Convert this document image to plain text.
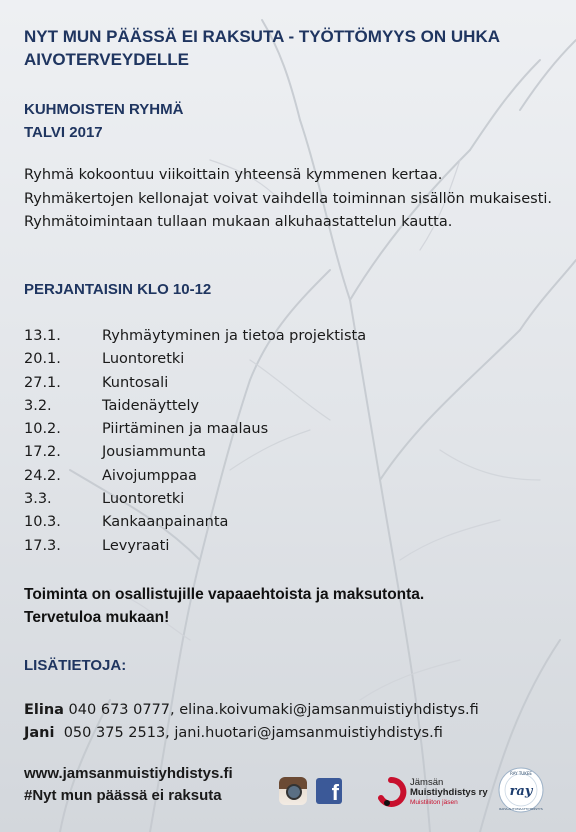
NYT MUN PÄÄSSÄ EI RAKSUTA - TYÖTTÖMYYS ON UHKA AIVOTERVEYDELLE
KUHMOISTEN RYHMÄ
TALVI 2017

Ryhmä kokoontuu viikoittain yhteensä kymmenen kertaa. Ryhmäkertojen kellonajat voivat vaihdella toiminnan sisällön mukaisesti. Ryhmätoimintaan tullaan mukaan alkuhaastattelun kautta.

PERJANTAISIN KLO 10-12
13.1.	Ryhmäytyminen ja tietoa projektista
20.1.	Luontoretki
27.1.	Kuntosali
3.2.	Taidenäyttely
10.2.	Piirtäminen ja maalaus
17.2.	Jousiammunta
24.2.	Aivojumppaa
3.3.	Luontoretki
10.3.	Kankaanpainanta
17.3.	Levyraati
Toiminta on osallistujille vapaaehtoista ja maksutonta.
Tervetuloa mukaan!
LISÄTIETOJA:
Elina 040 673 0777, elina.koivumaki@jamsanmuistiyhdistys.fi
Jani  050 375 2513, jani.huotari@jamsanmuistiyhdistys.fi
www.jamsanmuistiyhdistys.fi
#Nyt mun päässä ei raksuta	f	Jämsän
Muistiyhdistys ry
Muistiliiton jäsen
RAY TUKEE
RAHA-AUTOMAATTIYHDISTYS
ray
